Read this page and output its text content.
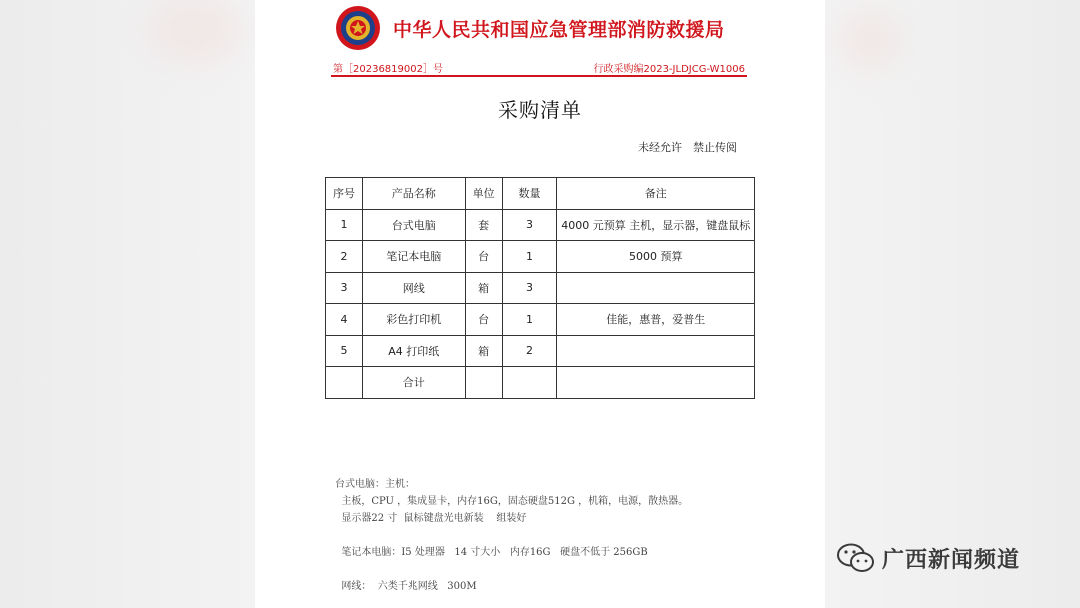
中华人民共和国应急管理部消防救援局
第［20236819002］号	行政采购编2023-JLDJCG-W1006
采购清单
未经允许　禁止传阅
序号	产品名称	单位	数量	备注
1	台式电脑	套	3	4000 元预算 主机，显示器，键盘鼠标
2	笔记本电脑	台	1	5000 预算
3	网线	箱	3	
4	彩色打印机	台	1	佳能，惠普，爱普生
5	A4 打印纸	箱	2	
	合计			
台式电脑：主机：
主板，CPU ，集成显卡，内存16G，固态硬盘512G ，机箱，电源，散热器。
显示器22 寸  鼠标键盘光电新装    组装好
笔记本电脑：I5 处理器   14 寸大小   内存16G   硬盘不低于 256GB
网线：  六类千兆网线   300M
广西新闻频道
